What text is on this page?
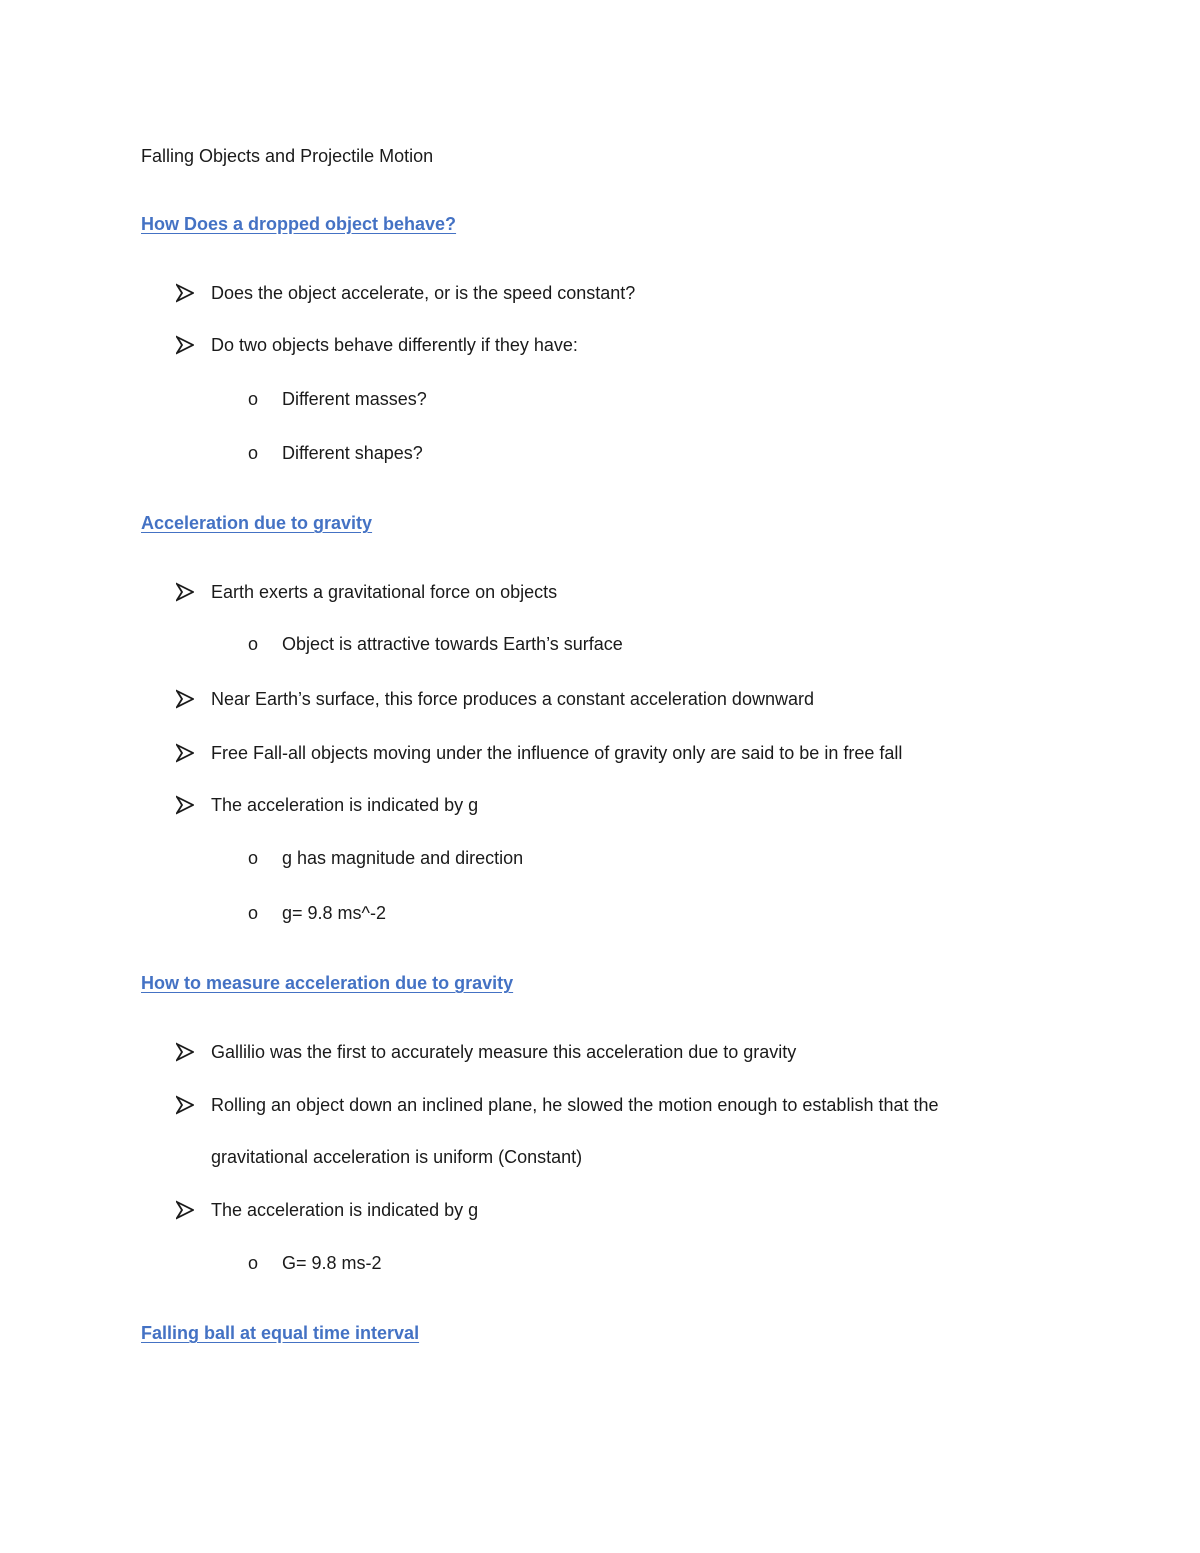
Falling Objects and Projectile Motion
How Does a dropped object behave?
Does the object accelerate, or is the speed constant?
Do two objects behave differently if they have:
o Different masses?
o Different shapes?
Acceleration due to gravity
Earth exerts a gravitational force on objects
o Object is attractive towards Earth’s surface
Near Earth’s surface, this force produces a constant acceleration downward
Free Fall-all objects moving under the influence of gravity only are said to be in free fall
The acceleration is indicated by g
o g has magnitude and direction
o g= 9.8 ms^-2
How to measure acceleration due to gravity
Gallilio was the first to accurately measure this acceleration due to gravity
Rolling an object down an inclined plane, he slowed the motion enough to establish that the
gravitational acceleration is uniform (Constant)
The acceleration is indicated by g
o G= 9.8 ms-2
Falling ball at equal time interval
